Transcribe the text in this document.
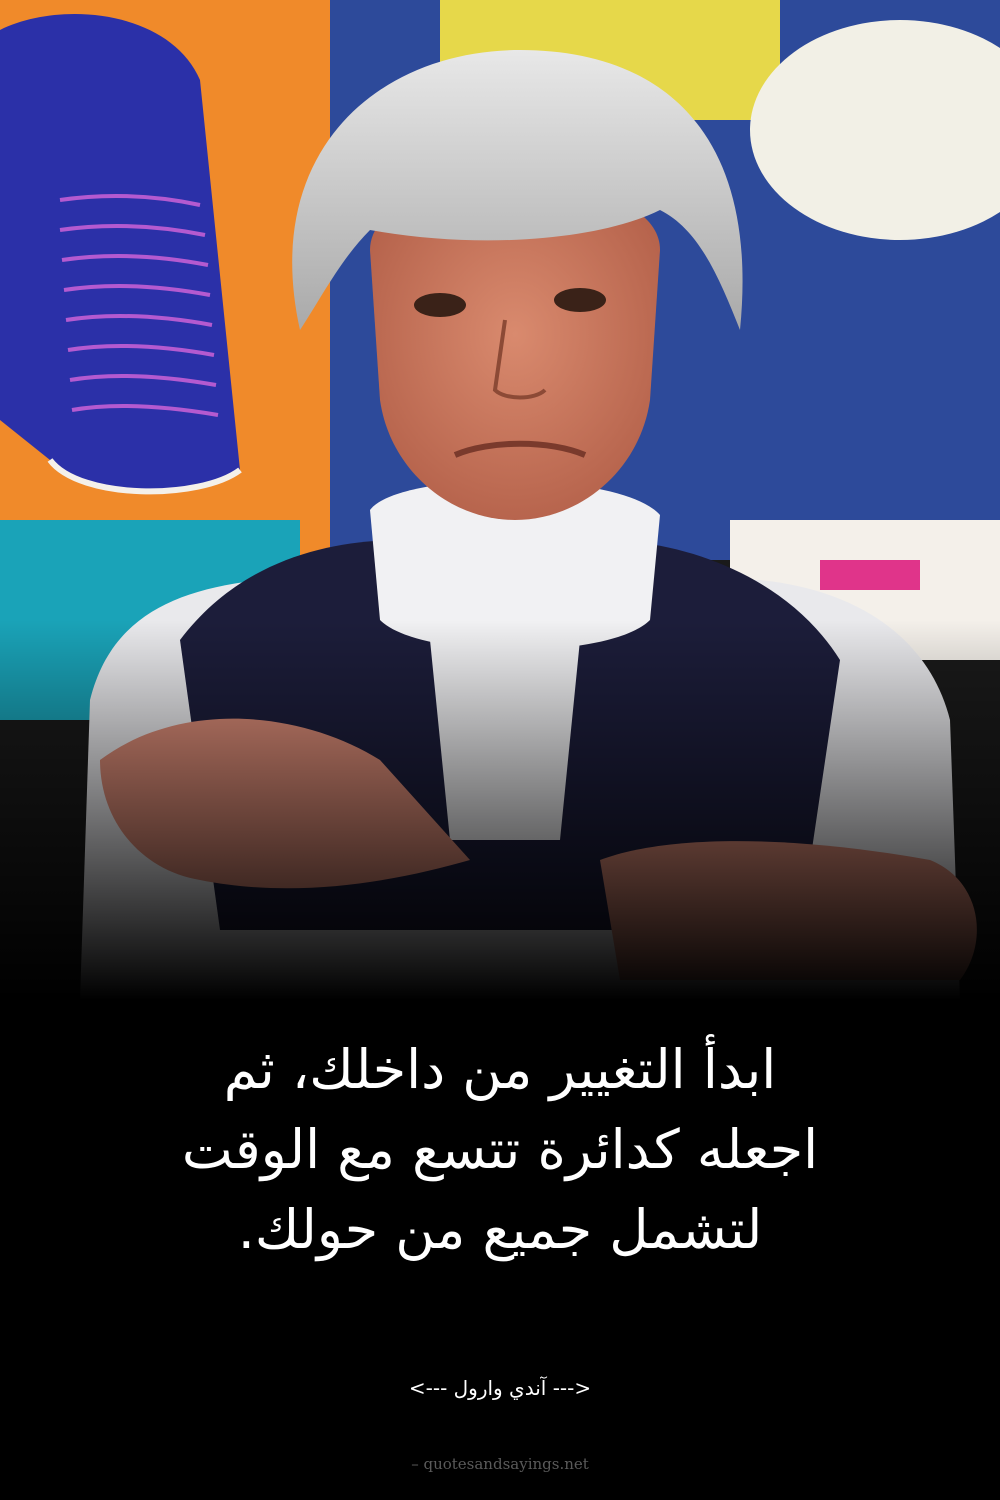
ابدأ التغيير من داخلك، ثم
اجعله كدائرة تتسع مع الوقت
لتشمل جميع من حولك.
<--- آندي وارول --->
– quotesandsayings.net
